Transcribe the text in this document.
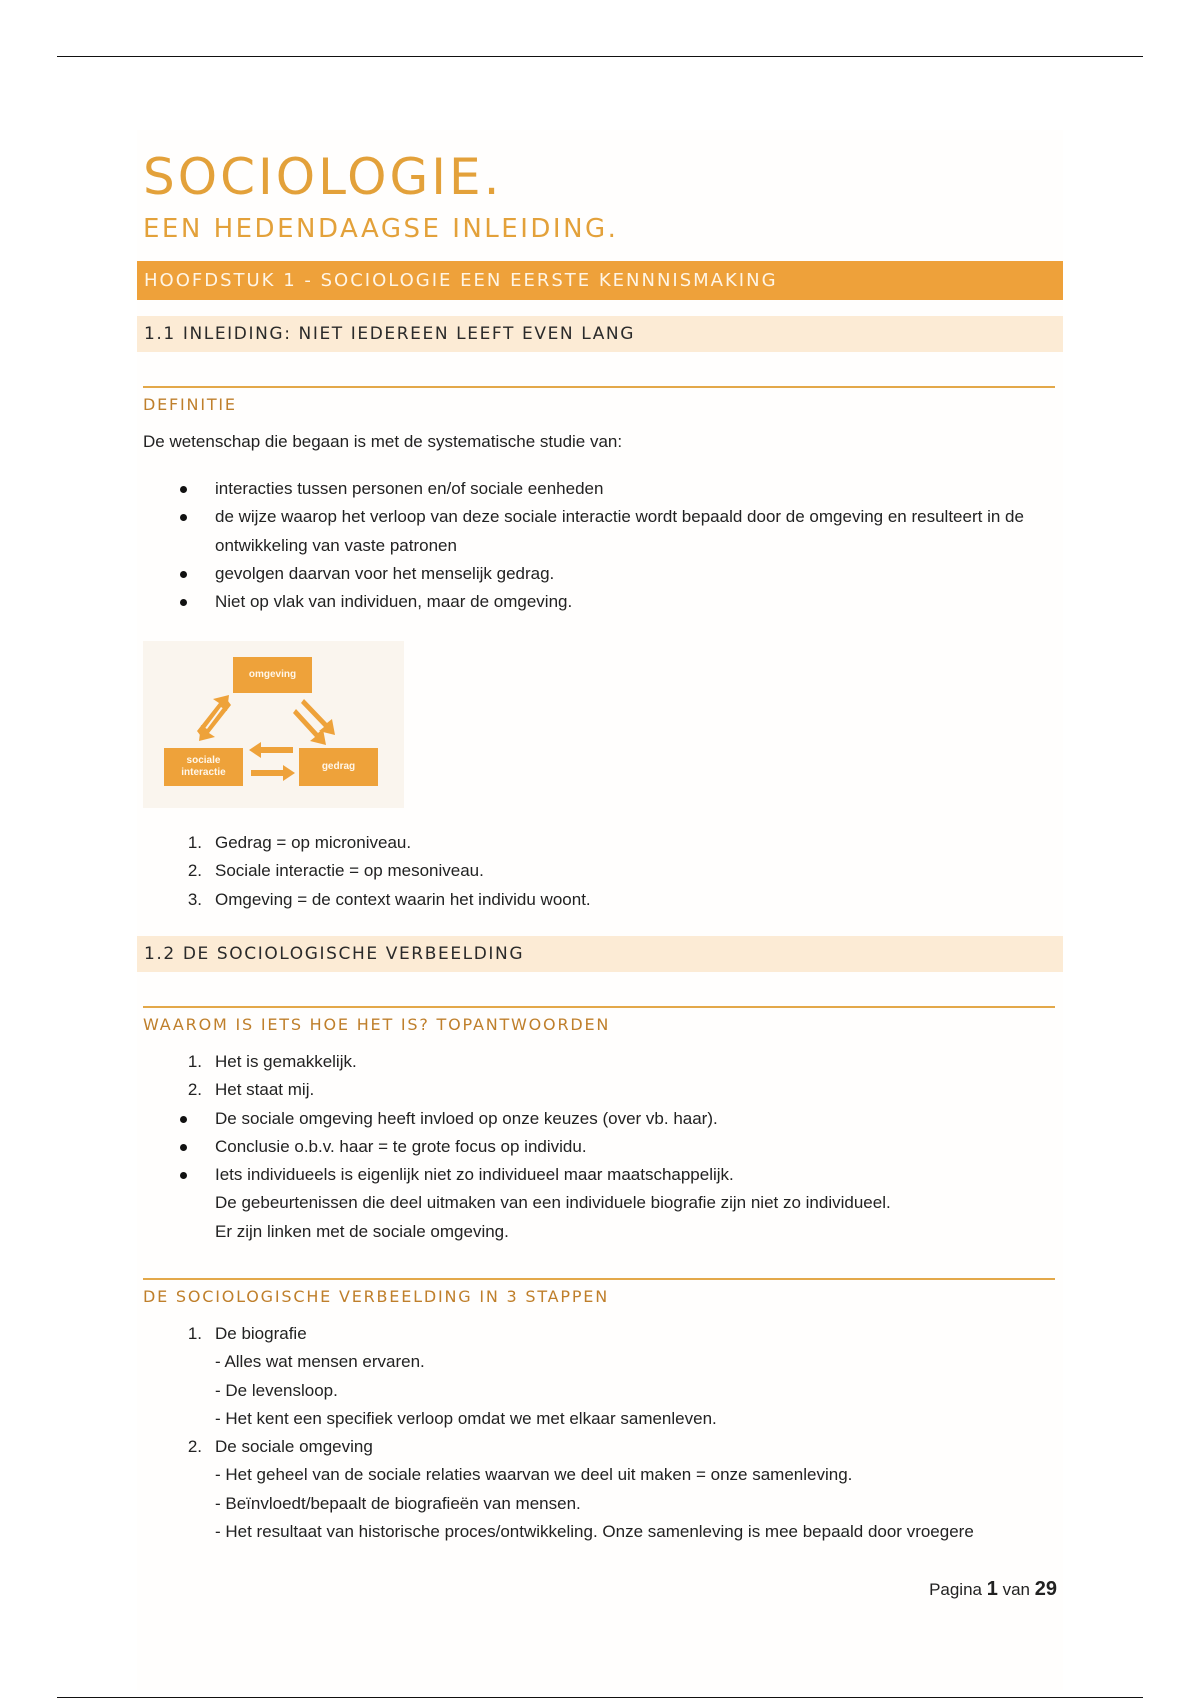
SOCIOLOGIE.
EEN HEDENDAAGSE INLEIDING.
HOOFDSTUK 1 - SOCIOLOGIE EEN EERSTE KENNNISMAKING
1.1 INLEIDING: NIET IEDEREEN LEEFT EVEN LANG
DEFINITIE
De wetenschap die begaan is met de systematische studie van:
interacties tussen personen en/of sociale eenheden
de wijze waarop het verloop van deze sociale interactie wordt bepaald door de omgeving en resulteert in de ontwikkeling van vaste patronen
gevolgen daarvan voor het menselijk gedrag.
Niet op vlak van individuen, maar de omgeving.
omgeving
sociale interactie
gedrag
1. Gedrag = op microniveau.
2. Sociale interactie = op mesoniveau.
3. Omgeving = de context waarin het individu woont.
1.2 DE SOCIOLOGISCHE VERBEELDING
WAAROM IS IETS HOE HET IS? TOPANTWOORDEN
1. Het is gemakkelijk.
2. Het staat mij.
De sociale omgeving heeft invloed op onze keuzes (over vb. haar).
Conclusie o.b.v. haar = te grote focus op individu.
Iets individueels is eigenlijk niet zo individueel maar maatschappelijk.
De gebeurtenissen die deel uitmaken van een individuele biografie zijn niet zo individueel.
Er zijn linken met de sociale omgeving.
DE SOCIOLOGISCHE VERBEELDING IN 3 STAPPEN
1. De biografie
- Alles wat mensen ervaren.
- De levensloop.
- Het kent een specifiek verloop omdat we met elkaar samenleven.
2. De sociale omgeving
- Het geheel van de sociale relaties waarvan we deel uit maken = onze samenleving.
- Beïnvloedt/bepaalt de biografieën van mensen.
- Het resultaat van historische proces/ontwikkeling. Onze samenleving is mee bepaald door vroegere
Pagina 1 van 29
